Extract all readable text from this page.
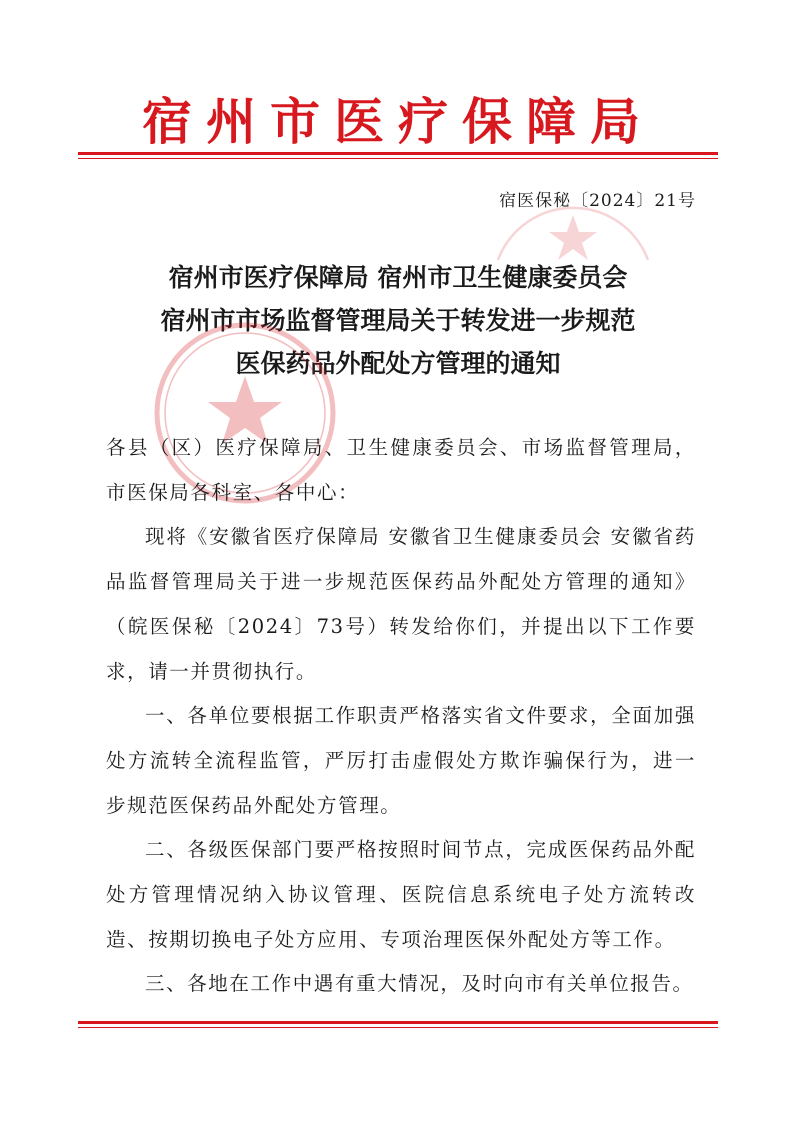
宿州市医疗保障局
宿医保秘〔2024〕21号
宿州市医疗保障局 宿州市卫生健康委员会
宿州市市场监督管理局关于转发进一步规范
医保药品外配处方管理的通知

各县（区）医疗保障局、卫生健康委员会、市场监督管理局，市医保局各科室、各中心：

现将《安徽省医疗保障局 安徽省卫生健康委员会 安徽省药品监督管理局关于进一步规范医保药品外配处方管理的通知》（皖医保秘〔2024〕73号）转发给你们，并提出以下工作要求，请一并贯彻执行。

一、各单位要根据工作职责严格落实省文件要求，全面加强处方流转全流程监管，严厉打击虚假处方欺诈骗保行为，进一步规范医保药品外配处方管理。

二、各级医保部门要严格按照时间节点，完成医保药品外配处方管理情况纳入协议管理、医院信息系统电子处方流转改造、按期切换电子处方应用、专项治理医保外配处方等工作。

三、各地在工作中遇有重大情况，及时向市有关单位报告。
